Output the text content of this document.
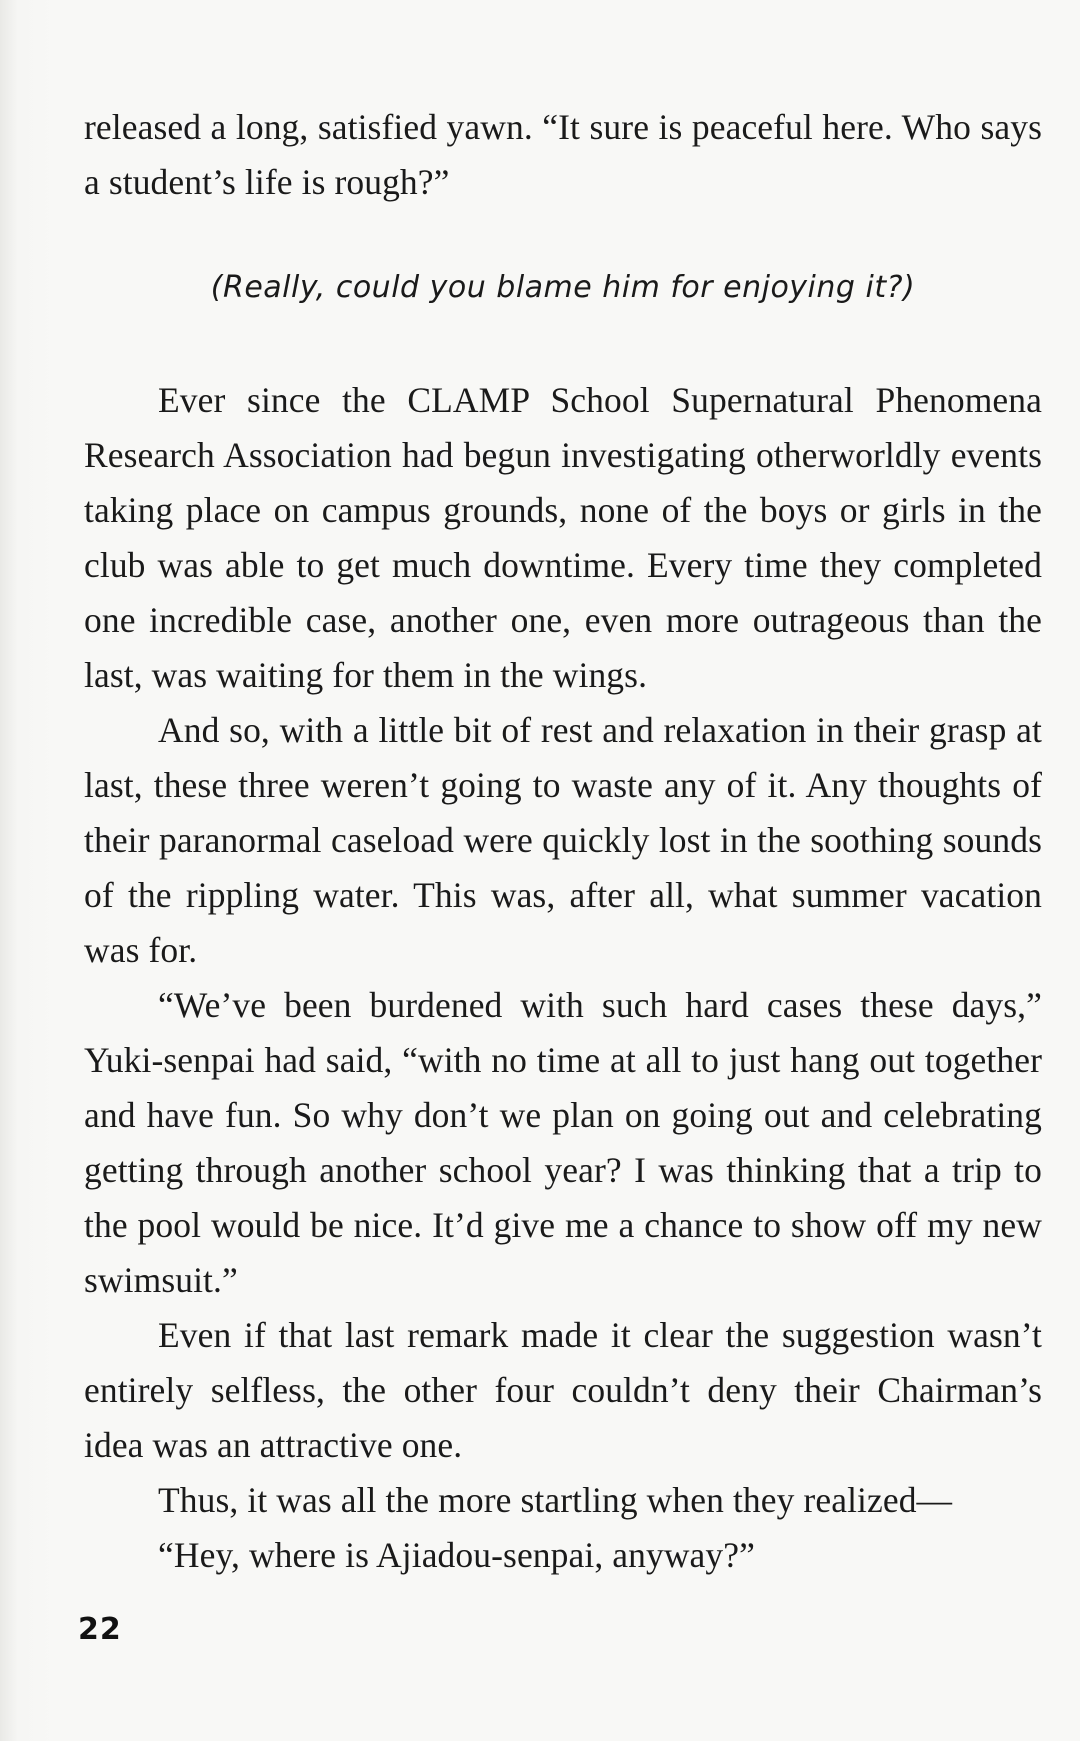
released a long, satisfied yawn. “It sure is peaceful here. Who says a student’s life is rough?”

(Really, could you blame him for enjoying it?)

Ever since the CLAMP School Supernatural Phenomena Research Association had begun investigating otherworldly events taking place on campus grounds, none of the boys or girls in the club was able to get much downtime. Every time they completed one incredible case, another one, even more outrageous than the last, was waiting for them in the wings.

And so, with a little bit of rest and relaxation in their grasp at last, these three weren’t going to waste any of it. Any thoughts of their paranormal caseload were quickly lost in the soothing sounds of the rippling water. This was, after all, what summer vacation was for.

“We’ve been burdened with such hard cases these days,” Yuki-senpai had said, “with no time at all to just hang out together and have fun. So why don’t we plan on going out and celebrating getting through another school year? I was thinking that a trip to the pool would be nice. It’d give me a chance to show off my new swimsuit.”

Even if that last remark made it clear the suggestion wasn’t entirely selfless, the other four couldn’t deny their Chairman’s idea was an attractive one.

Thus, it was all the more startling when they realized—

“Hey, where is Ajiadou-senpai, anyway?”

22
